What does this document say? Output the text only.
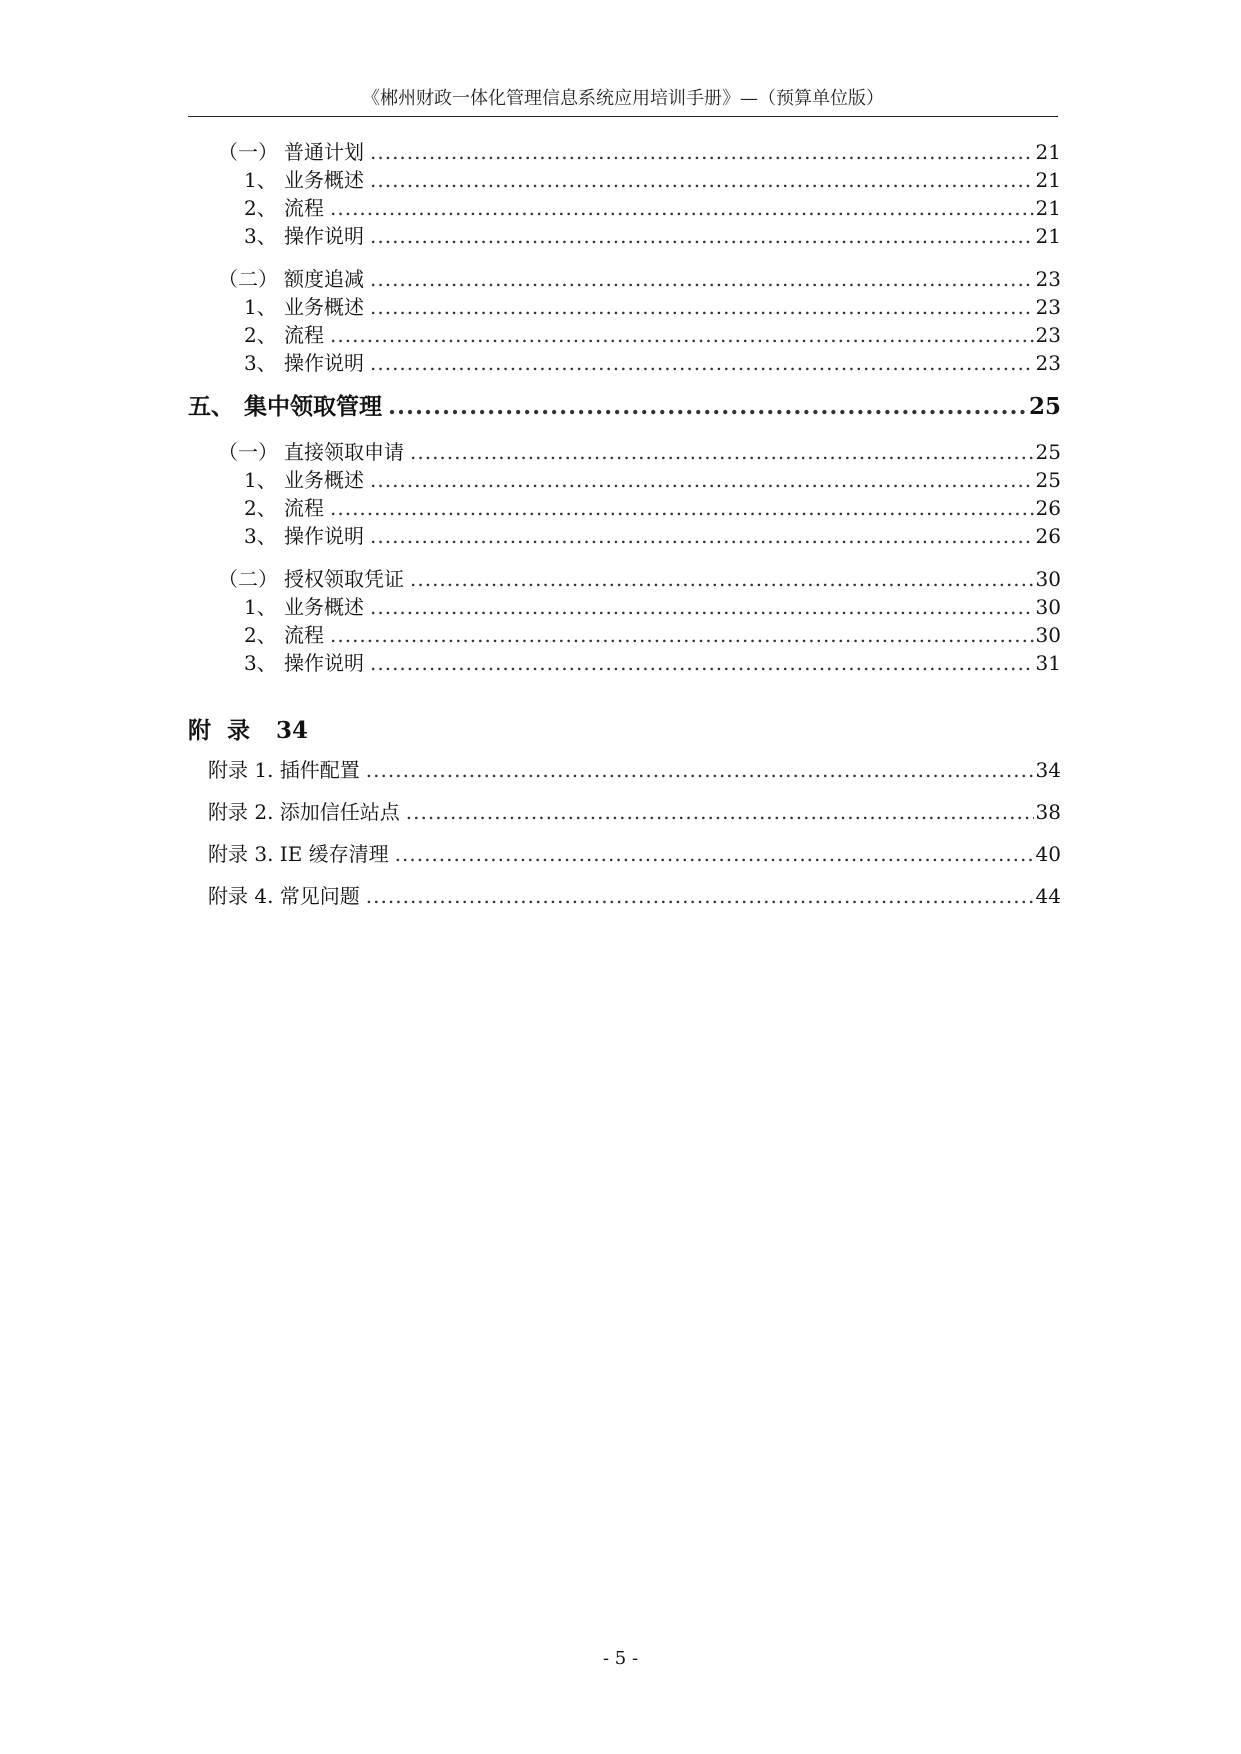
《郴州财政一体化管理信息系统应用培训手册》—（预算单位版）
（一） 普通计划 .....	21
1、 业务概述 .....	21
2、 流程 .....	21
3、 操作说明 .....	21
（二） 额度追减 .....	23
1、 业务概述 .....	23
2、 流程 .....	23
3、 操作说明 .....	23
五、 集中领取管理 .....	25
（一） 直接领取申请 .....	25
1、 业务概述 .....	25
2、 流程 .....	26
3、 操作说明 .....	26
（二） 授权领取凭证 .....	30
1、 业务概述 .....	30
2、 流程 .....	30
3、 操作说明 .....	31
附  录 34
附录 1. 插件配置 .....	34
附录 2. 添加信任站点 .....	38
附录 3. IE 缓存清理 .....	40
附录 4. 常见问题 .....	44
- 5 -
